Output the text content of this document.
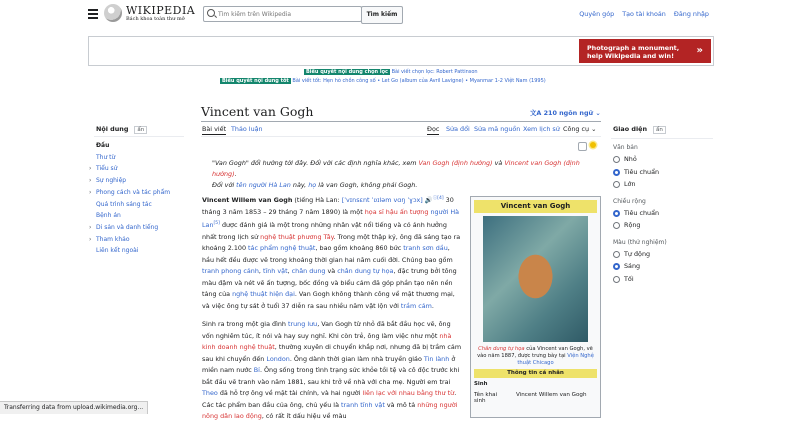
WIKIPEDIA
Bách khoa toàn thư mở
Tìm kiếm trên Wikipedia
Tìm kiếm	Quyên góp Tạo tài khoản Đăng nhập
Photograph a monument,
help Wikipedia and win!	»
Biểu quyết nội dung chọn lọc Bài viết chọn lọc: Robert Pattinson
Biểu quyết nội dung tốt Bài viết tốt: Hẹn hò chồn công số • Let Go (album của Avril Lavigne) • Myanmar 1-2 Việt Nam (1995)
Vincent van Gogh	文A 210 ngôn ngữ ⌄
Bài viết Thảo luận	Đọc Sửa đổi Sửa mã nguồn Xem lịch sử Công cụ ⌄
Nội dung ẩn
Đầu
Thư từ
› Tiểu sử
› Sự nghiệp
› Phong cách và tác phẩm
Quá trình sáng tác
Bệnh án
› Di sản và danh tiếng
› Tham khảo
Liên kết ngoài
Giao diện ẩn
Văn bản
Nhỏ
Tiêu chuẩn
Lớn
Chiều rộng
Tiêu chuẩn
Rộng
Màu (thử nghiệm)
Tự động
Sáng
Tối
"Van Gogh" đổi hướng tới đây. Đối với các định nghĩa khác, xem Van Gogh (định hướng) và Vincent van Gogh (định hướng).
Đối với tên người Hà Lan này, họ là van Gogh, không phải Gogh.

Vincent Willem van Gogh (tiếng Hà Lan: [ˈvɪnsɛnt ˈʋɪləm vɑŋ ˈɣɔx] 🔊$^{ⓘ[4]}$ 30 tháng 3 năm 1853 – 29 tháng 7 năm 1890) là một họa sĩ hậu ấn tượng người Hà Lan[5] được đánh giá là một trong những nhân vật nổi tiếng và có ảnh hưởng nhất trong lịch sử nghệ thuật phương Tây. Trong một thập kỷ, ông đã sáng tạo ra khoảng 2.100 tác phẩm nghệ thuật, bao gồm khoảng 860 bức tranh sơn dầu, hầu hết đều được vẽ trong khoảng thời gian hai năm cuối đời. Chúng bao gồm tranh phong cảnh, tĩnh vật, chân dung và chân dung tự họa, đặc trưng bởi tông màu đậm và nét vẽ ấn tượng, bốc đồng và biểu cảm đã góp phần tạo nên nền tảng của nghệ thuật hiện đại. Van Gogh không thành công về mặt thương mại, và việc ông tự sát ở tuổi 37 diễn ra sau nhiều năm vật lộn với trầm cảm.

Sinh ra trong một gia đình trung lưu, Van Gogh từ nhỏ đã bắt đầu học vẽ, ông vốn nghiêm túc, ít nói và hay suy nghĩ. Khi còn trẻ, ông làm việc như một nhà kinh doanh nghệ thuật, thường xuyên di chuyển khắp nơi, nhưng đã bị trầm cảm sau khi chuyển đến London. Ông dành thời gian làm nhà truyền giáo Tin lành ở miền nam nước Bỉ. Ông sống trong tình trạng sức khỏe tồi tệ và cô độc trước khi bắt đầu vẽ tranh vào năm 1881, sau khi trở về nhà với cha mẹ. Người em trai Theo đã hỗ trợ ông về mặt tài chính, và hai người liên lạc với nhau bằng thư từ. Các tác phẩm ban đầu của ông, chủ yếu là tranh tĩnh vật và mô tả những người nông dân lao động, có rất ít dấu hiệu về màu

Vincent van Gogh
Chân dung tự họa của Vincent van Gogh, vẽ vào năm 1887, được trưng bày tại Viện Nghệ thuật Chicago
Thông tin cá nhân
Sinh
Tên khai sinh
Vincent Willem van Gogh
Transferring data from upload.wikimedia.org...
